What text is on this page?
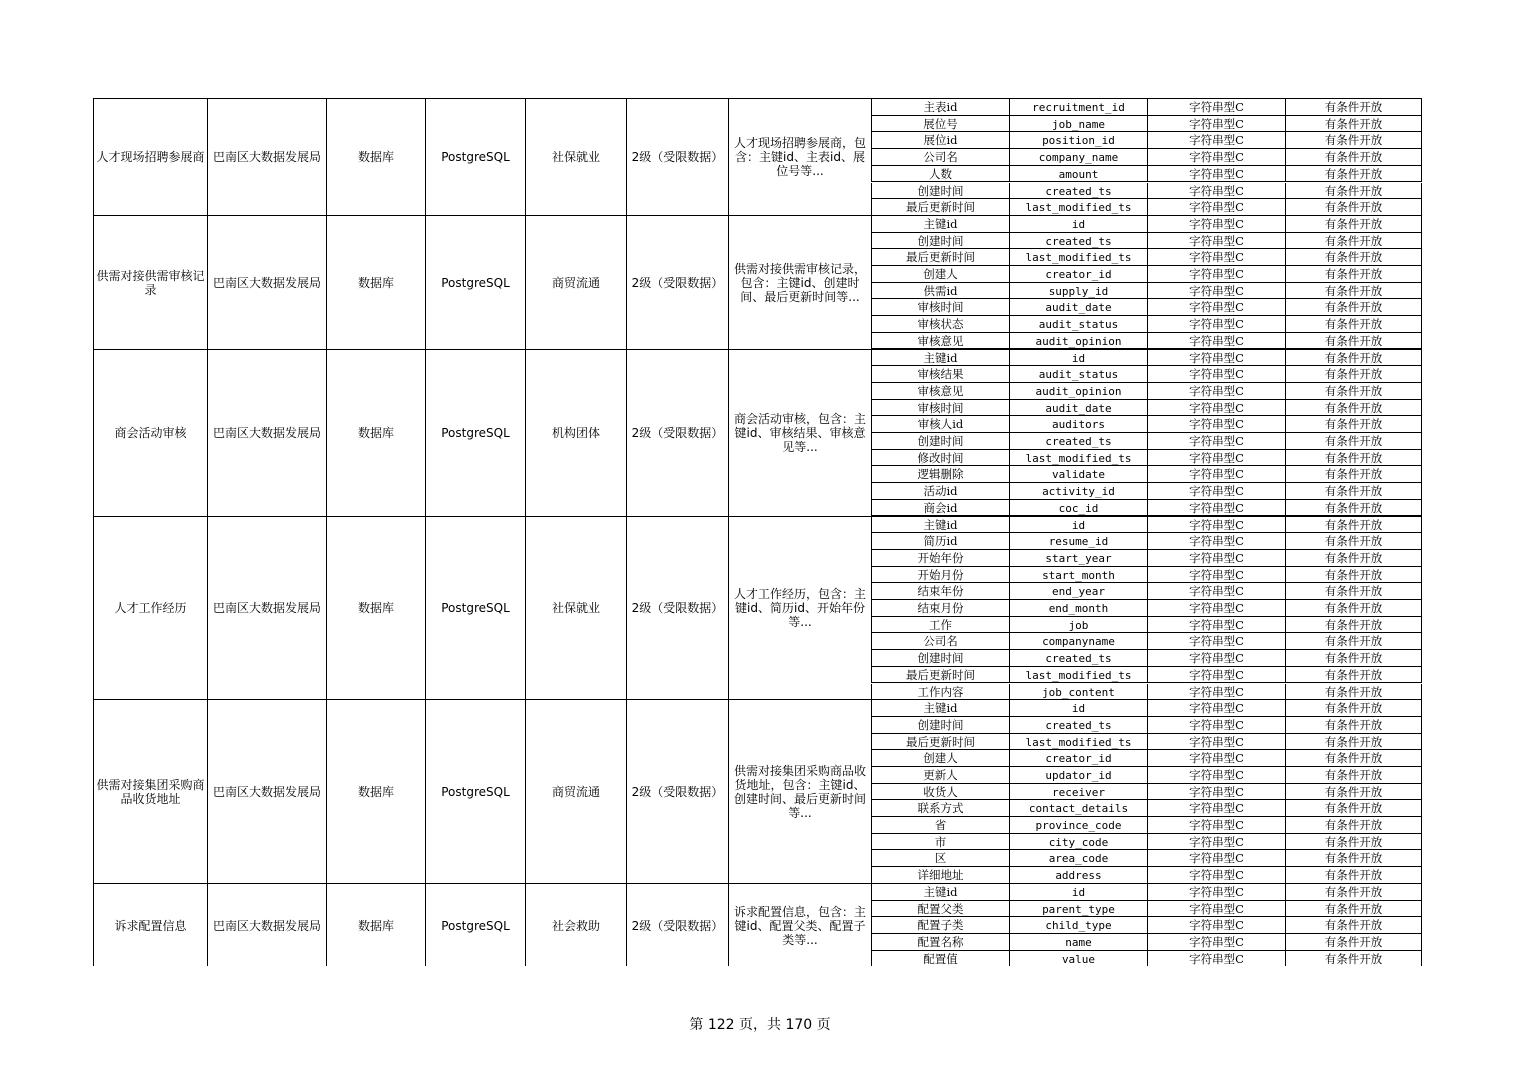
人才现场招聘参展商 巴南区大数据发展局	数据库	PostgreSQL	社保就业	2级（受限数据）
人才现场招聘参展商，包含：主键id、主表id、展位号等...
主表id	recruitment_id	字符串型C	有条件开放
展位号	job_name	字符串型C	有条件开放
展位id	position_id	字符串型C	有条件开放
公司名	company_name	字符串型C	有条件开放
人数	amount	字符串型C	有条件开放
创建时间	created_ts	字符串型C	有条件开放
最后更新时间	last_modified_ts	字符串型C	有条件开放
供需对接供需审核记录	巴南区大数据发展局	数据库	PostgreSQL	商贸流通	2级（受限数据）
供需对接供需审核记录，包含：主键id、创建时间、最后更新时间等...
主键id	id	字符串型C	有条件开放
创建时间	created_ts	字符串型C	有条件开放
最后更新时间	last_modified_ts	字符串型C	有条件开放
创建人	creator_id	字符串型C	有条件开放
供需id	supply_id	字符串型C	有条件开放
审核时间	audit_date	字符串型C	有条件开放
审核状态	audit_status	字符串型C	有条件开放
审核意见	audit_opinion	字符串型C	有条件开放
商会活动审核 巴南区大数据发展局	数据库	PostgreSQL	机构团体	2级（受限数据）
商会活动审核，包含：主键id、审核结果、审核意见等...
主键id	id	字符串型C	有条件开放
审核结果	audit_status	字符串型C	有条件开放
审核意见	audit_opinion	字符串型C	有条件开放
审核时间	audit_date	字符串型C	有条件开放
审核人id	auditors	字符串型C	有条件开放
创建时间	created_ts	字符串型C	有条件开放
修改时间	last_modified_ts	字符串型C	有条件开放
逻辑删除	validate	字符串型C	有条件开放
活动id	activity_id	字符串型C	有条件开放
商会id	coc_id	字符串型C	有条件开放
人才工作经历 巴南区大数据发展局	数据库	PostgreSQL	社保就业	2级（受限数据）
人才工作经历，包含：主键id、简历id、开始年份等...
主键id	id	字符串型C	有条件开放
简历id	resume_id	字符串型C	有条件开放
开始年份	start_year	字符串型C	有条件开放
开始月份	start_month	字符串型C	有条件开放
结束年份	end_year	字符串型C	有条件开放
结束月份	end_month	字符串型C	有条件开放
工作	job	字符串型C	有条件开放
公司名	companyname	字符串型C	有条件开放
创建时间	created_ts	字符串型C	有条件开放
最后更新时间	last_modified_ts	字符串型C	有条件开放
工作内容	job_content	字符串型C	有条件开放
供需对接集团采购商品收货地址	巴南区大数据发展局	数据库	PostgreSQL	商贸流通	2级（受限数据）
供需对接集团采购商品收货地址，包含：主键id、创建时间、最后更新时间等...
主键id	id	字符串型C	有条件开放
创建时间	created_ts	字符串型C	有条件开放
最后更新时间	last_modified_ts	字符串型C	有条件开放
创建人	creator_id	字符串型C	有条件开放
更新人	updator_id	字符串型C	有条件开放
收货人	receiver	字符串型C	有条件开放
联系方式	contact_details	字符串型C	有条件开放
省	province_code	字符串型C	有条件开放
市	city_code	字符串型C	有条件开放
区	area_code	字符串型C	有条件开放
详细地址	address	字符串型C	有条件开放
诉求配置信息 巴南区大数据发展局	数据库	PostgreSQL	社会救助	2级（受限数据）
诉求配置信息，包含：主键id、配置父类、配置子类等...
主键id	id	字符串型C	有条件开放
配置父类	parent_type	字符串型C	有条件开放
配置子类	child_type	字符串型C	有条件开放
配置名称	name	字符串型C	有条件开放
配置值	value	字符串型C	有条件开放
第 122 页，共 170 页
